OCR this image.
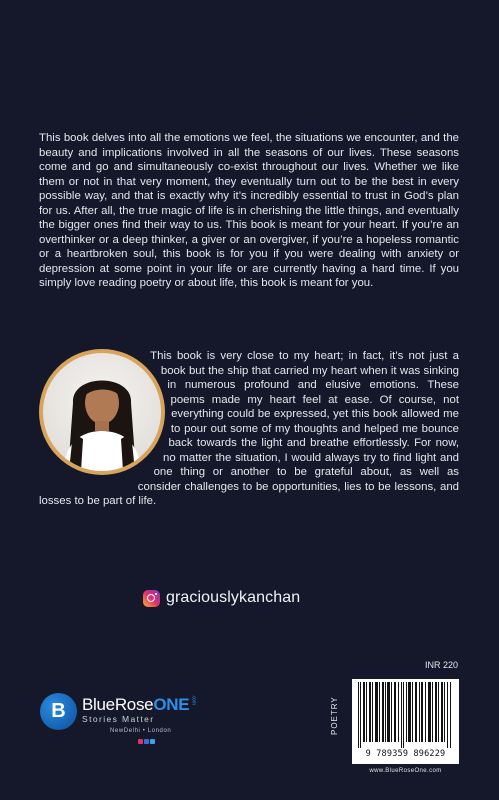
This book delves into all the emotions we feel, the situations we encounter, and the beauty and implications involved in all the seasons of our lives. These seasons come and go and simultaneously co-exist throughout our lives. Whether we like them or not in that very moment, they eventually turn out to be the best in every possible way, and that is exactly why it’s incredibly essential to trust in God’s plan for us. After all, the true magic of life is in cherishing the little things, and eventually the bigger ones find their way to us. This book is meant for your heart. If you’re an overthinker or a deep thinker, a giver or an overgiver, if you’re a hopeless romantic or a heartbroken soul, this book is for you if you were dealing with anxiety or depression at some point in your life or are currently having a hard time. If you simply love reading poetry or about life, this book is meant for you.

This book is very close to my heart; in fact, it’s not just a book but the ship that carried my heart when it was sinking in numerous profound and elusive emotions. These poems made my heart feel at ease. Of course, not everything could be expressed, yet this book allowed me to pour out some of my thoughts and helped me bounce back towards the light and breathe effortlessly. For now, no matter the situation, I would always try to find light and one thing or another to be grateful about, as well as consider challenges to be opportunities, lies to be lessons, and losses to be part of life.

graciouslykanchan
B BlueRoseONE.com
Stories Matter
NewDelhi • London
INR 220
POETRY
9 789359 896229
www.BlueRoseOne.com
